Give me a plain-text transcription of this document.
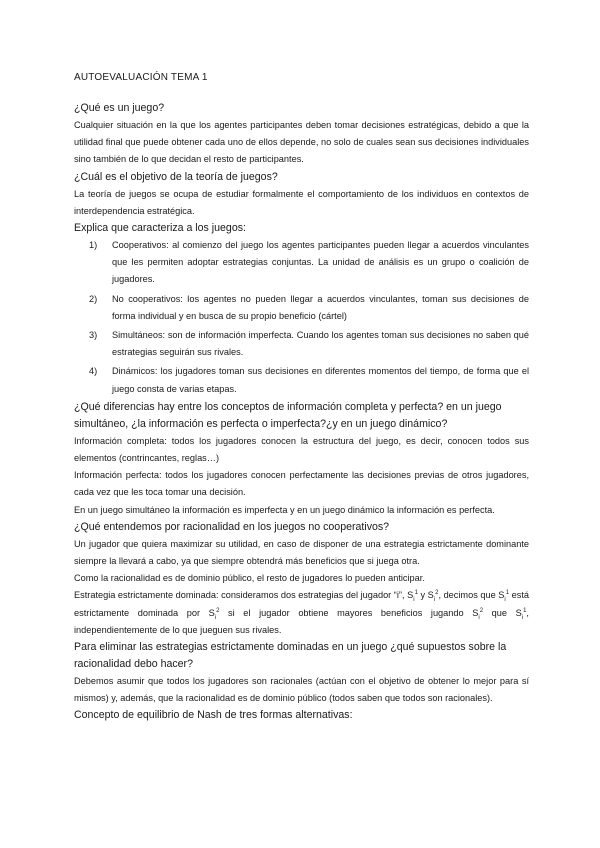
AUTOEVALUACIÓN TEMA 1
¿Qué es un juego?
Cualquier situación en la que los agentes participantes deben tomar decisiones estratégicas, debido a que la utilidad final que puede obtener cada uno de ellos depende, no solo de cuales sean sus decisiones individuales sino también de lo que decidan el resto de participantes.
¿Cuál es el objetivo de la teoría de juegos?
La teoría de juegos se ocupa de estudiar formalmente el comportamiento de los individuos en contextos de interdependencia estratégica.
Explica que caracteriza a los juegos:
1) Cooperativos: al comienzo del juego los agentes participantes pueden llegar a acuerdos vinculantes que les permiten adoptar estrategias conjuntas. La unidad de análisis es un grupo o coalición de jugadores.
2) No cooperativos: los agentes no pueden llegar a acuerdos vinculantes, toman sus decisiones de forma individual y en busca de su propio beneficio (cártel)
3) Simultáneos: son de información imperfecta. Cuando los agentes toman sus decisiones no saben qué estrategias seguirán sus rivales.
4) Dinámicos: los jugadores toman sus decisiones en diferentes momentos del tiempo, de forma que el juego consta de varias etapas.
¿Qué diferencias hay entre los conceptos de información completa y perfecta? en un juego simultáneo, ¿la información es perfecta o imperfecta?¿y en un juego dinámico?
Información completa: todos los jugadores conocen la estructura del juego, es decir, conocen todos sus elementos (contrincantes, reglas…)
Información perfecta: todos los jugadores conocen perfectamente las decisiones previas de otros jugadores, cada vez que les toca tomar una decisión.
En un juego simultáneo la información es imperfecta y en un juego dinámico la información es perfecta.
¿Qué entendemos por racionalidad en los juegos no cooperativos?
Un jugador que quiera maximizar su utilidad, en caso de disponer de una estrategia estrictamente dominante siempre la llevará a cabo, ya que siempre obtendrá más beneficios que si juega otra.
Como la racionalidad es de dominio público, el resto de jugadores lo pueden anticipar.
Estrategia estrictamente dominada: consideramos dos estrategias del jugador “i”, $S_i^1$ y $S_i^2$, decimos que $S_i^1$ está estrictamente dominada por $S_i^2$ si el jugador obtiene mayores beneficios jugando $S_i^2$ que $S_i^1$, independientemente de lo que jueguen sus rivales.
Para eliminar las estrategias estrictamente dominadas en un juego ¿qué supuestos sobre la racionalidad debo hacer?
Debemos asumir que todos los jugadores son racionales (actúan con el objetivo de obtener lo mejor para sí mismos) y, además, que la racionalidad es de dominio público (todos saben que todos son racionales).
Concepto de equilibrio de Nash de tres formas alternativas:
